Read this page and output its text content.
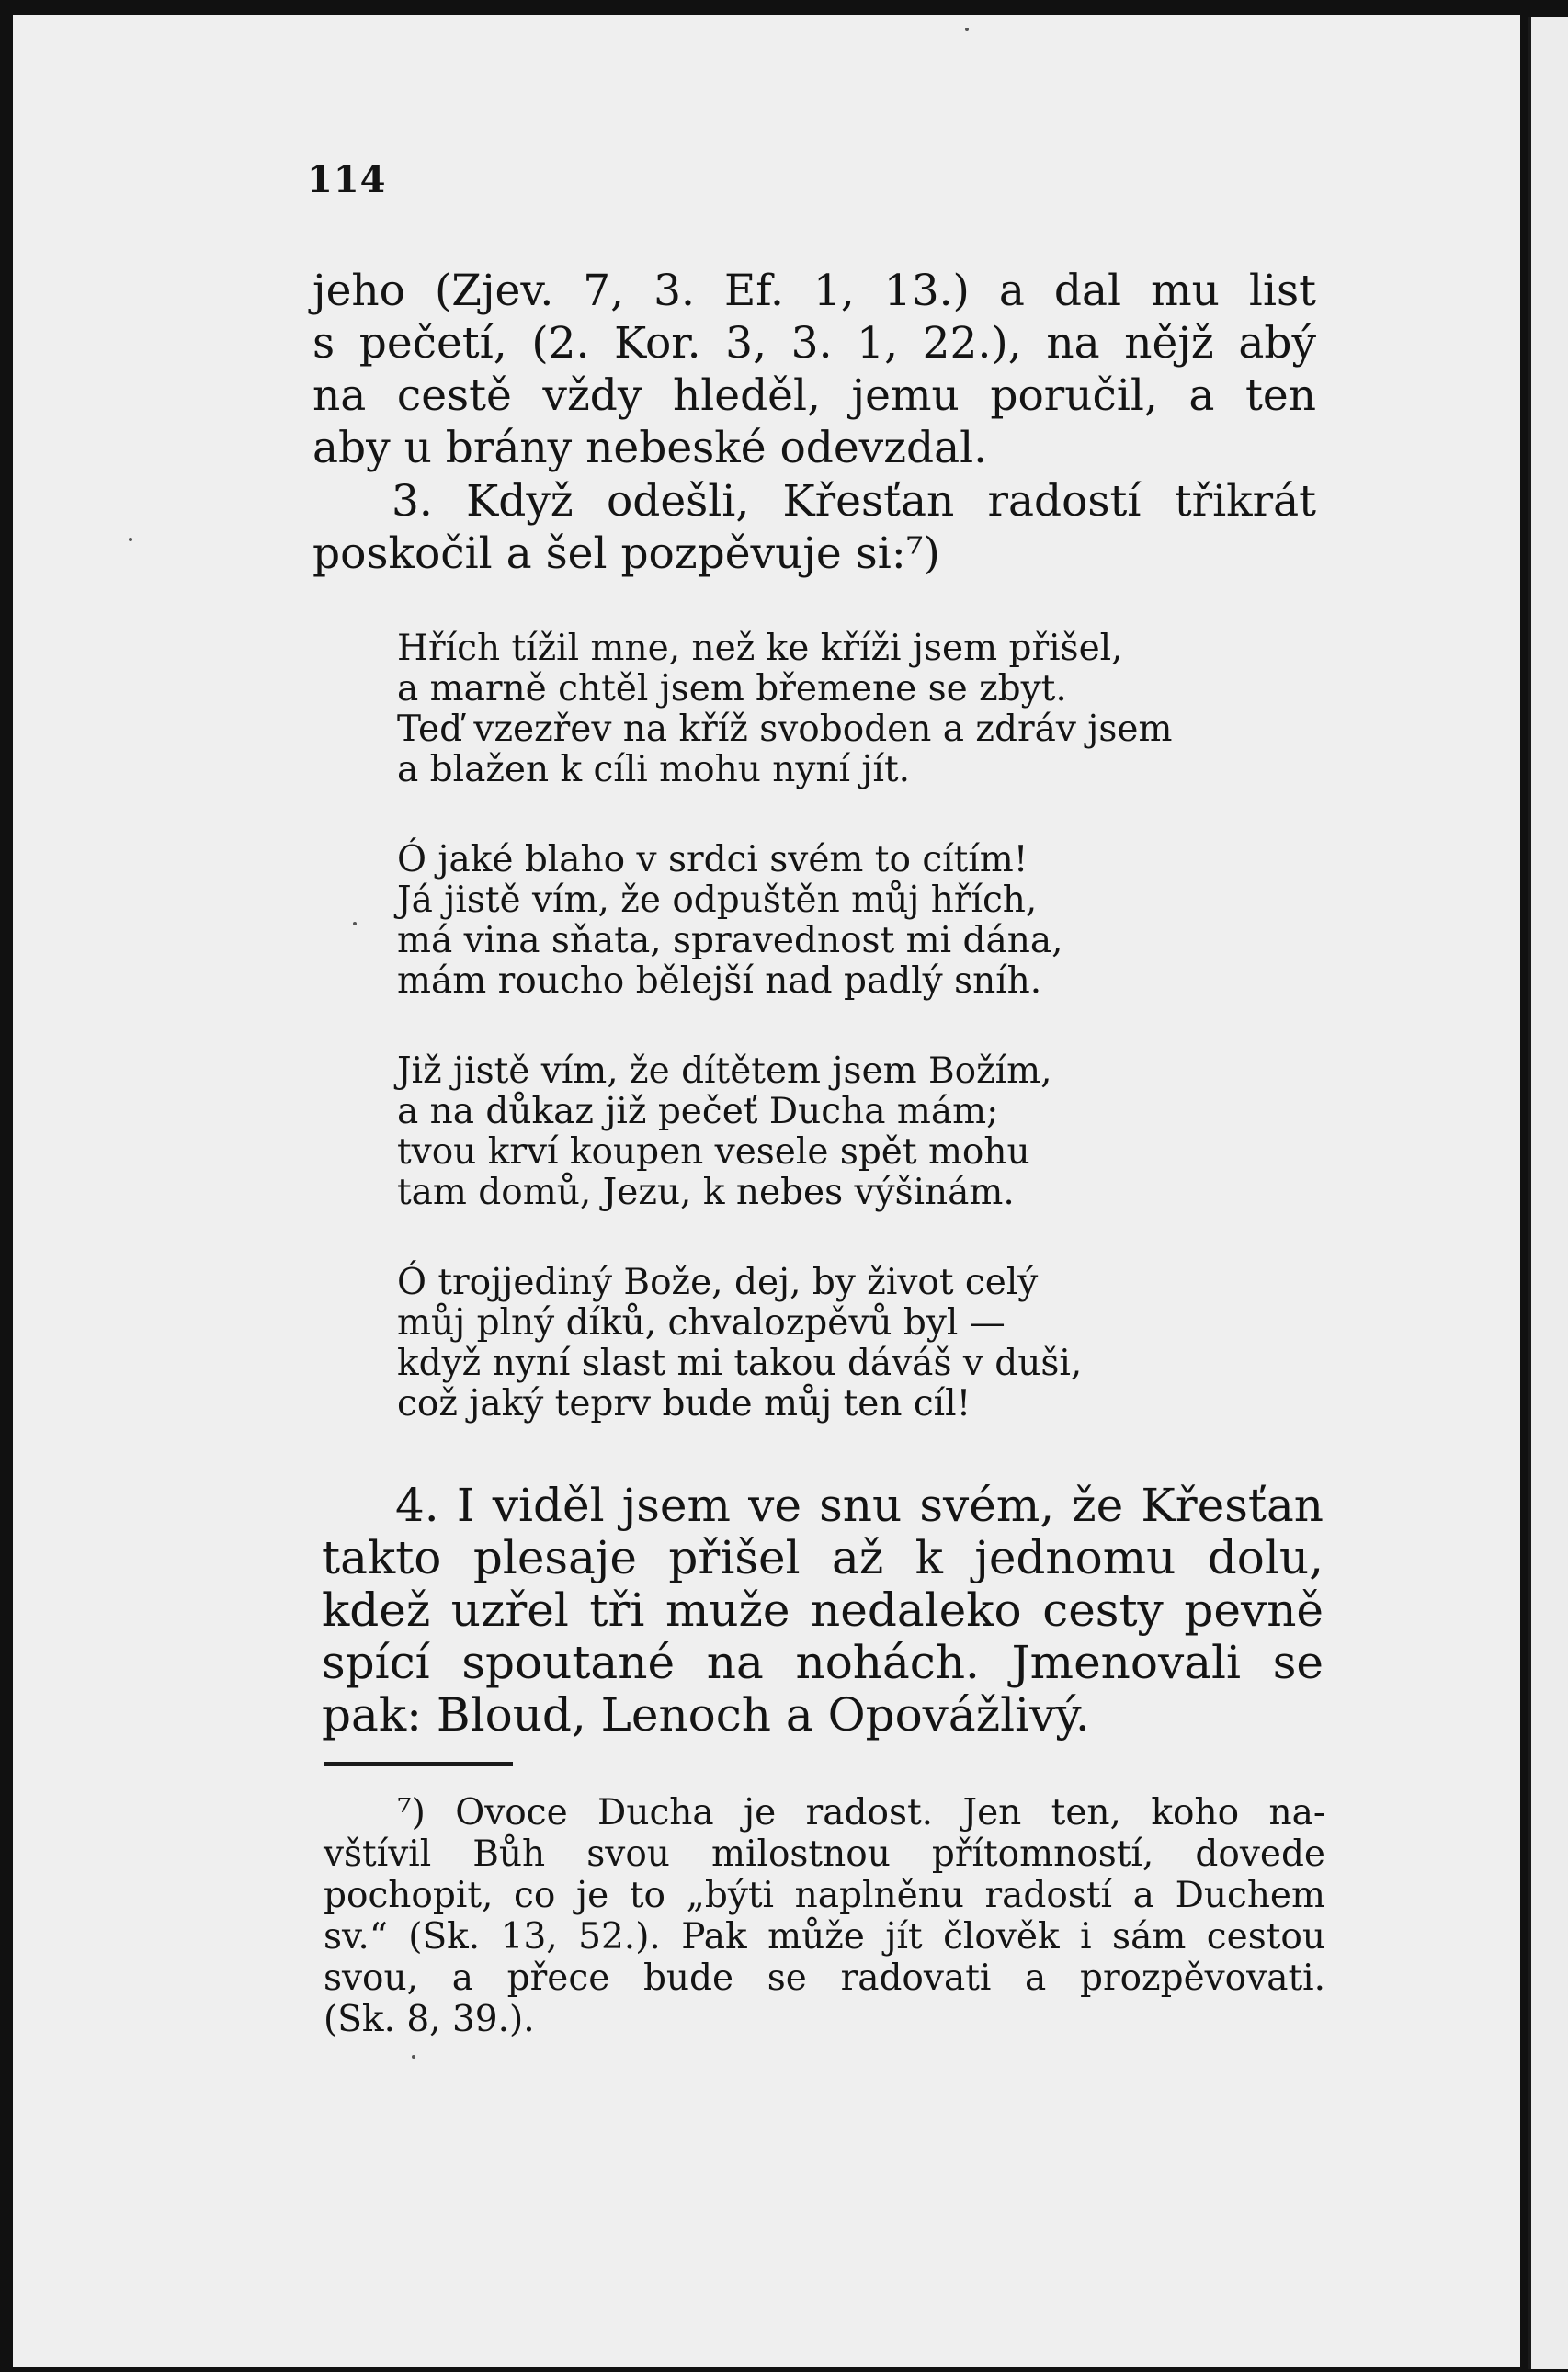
114
jeho (Zjev. 7, 3. Ef. 1, 13.) a dal mu list
s pečetí, (2. Kor. 3, 3. 1, 22.), na nějž abý
na cestě vždy hleděl, jemu poručil, a ten
aby u brány nebeské odevzdal.
3. Když odešli, Křesťan radostí třikrát
poskočil a šel pozpěvuje si:⁷)
Hřích tížil mne, než ke kříži jsem přišel,
a marně chtěl jsem břemene se zbyt.
Teď vzezřev na kříž svoboden a zdráv jsem
a blažen k cíli mohu nyní jít.
Ó jaké blaho v srdci svém to cítím!
Já jistě vím, že odpuštěn můj hřích,
má vina sňata, spravednost mi dána,
mám roucho bělejší nad padlý sníh.
Již jistě vím, že dítětem jsem Božím,
a na důkaz již pečeť Ducha mám;
tvou krví koupen vesele spět mohu
tam domů, Jezu, k nebes výšinám.
Ó trojjediný Bože, dej, by život celý
můj plný díků, chvalozpěvů byl —
když nyní slast mi takou dáváš v duši,
což jaký teprv bude můj ten cíl!
4. I viděl jsem ve snu svém, že Křesťan
takto plesaje přišel až k jednomu dolu,
kdež uzřel tři muže nedaleko cesty pevně
spící spoutané na nohách. Jmenovali se
pak: Bloud, Lenoch a Opovážlivý.
⁷) Ovoce Ducha je radost. Jen ten, koho na-
vštívil Bůh svou milostnou přítomností, dovede
pochopit, co je to „býti naplněnu radostí a Duchem
sv.“ (Sk. 13, 52.). Pak může jít člověk i sám cestou
svou, a přece bude se radovati a prozpěvovati.
(Sk. 8, 39.).
